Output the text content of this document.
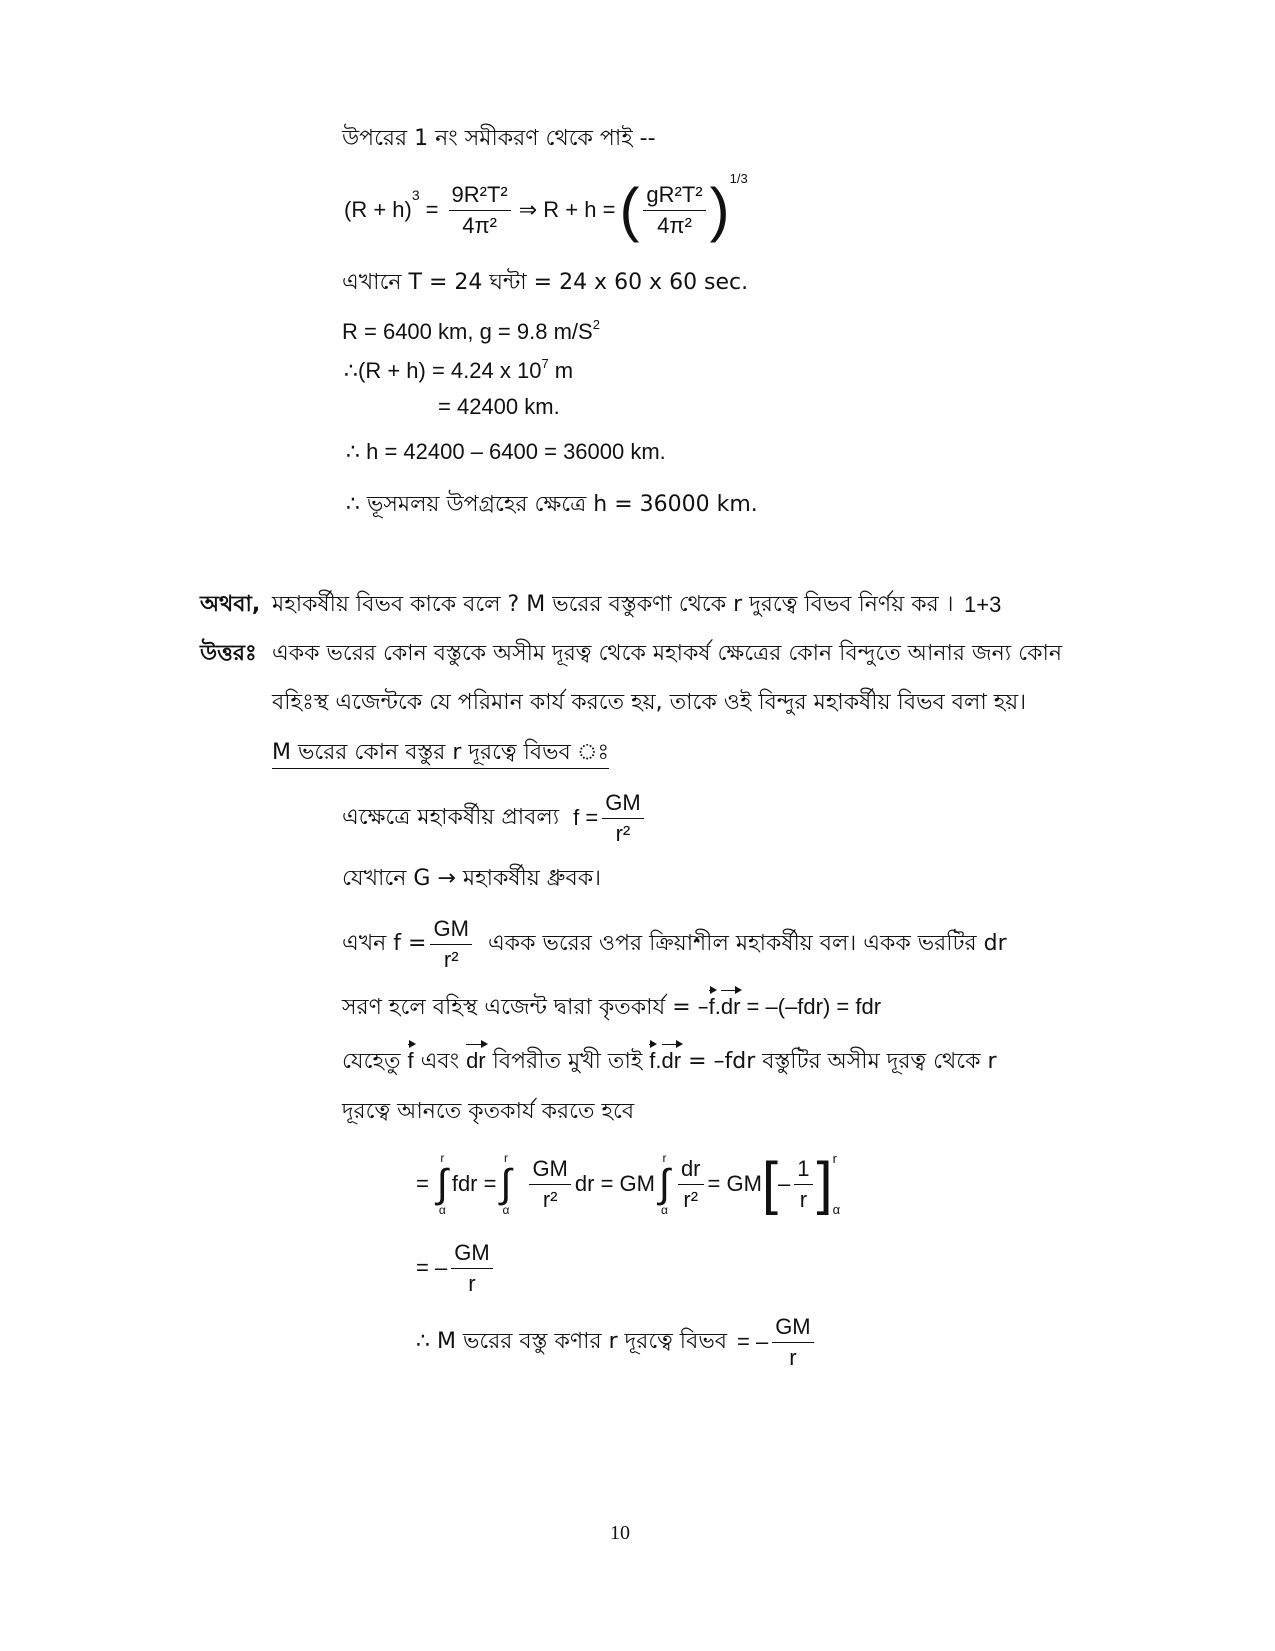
উপরের 1 নং সমীকরণ থেকে পাই --
(R + h)
$^3$
= $\frac{\text{9R²T²}}{\text{4π²}}$ ⇒ R + h = ( $\frac{\text{gR²T²}}{\text{4π²}} )^{1/3}$
এখানে T = 24 ঘন্টা = 24 x 60 x 60 sec.
R = 6400 km, g = 9.8 $m/S^2$
∴(R + h) = 4.24 x $10^7$ m
= 42400 km.
∴ h = 42400 – 6400 = 36000 km.
∴ ভূসমলয় উপগ্রহের ক্ষেত্রে h = 36000 km.
অথবা, মহাকর্ষীয় বিভব কাকে বলে ? M ভরের বস্তুকণা থেকে r দুরত্বে বিভব নির্ণয় কর । 1+3
উত্তরঃ একক ভরের কোন বস্তুকে অসীম দূরত্ব থেকে মহাকর্ষ ক্ষেত্রের কোন বিন্দুতে আনার জন্য কোন
বহিঃস্থ এজেন্টকে যে পরিমান কার্য করতে হয়, তাকে ওই বিন্দুর মহাকর্ষীয় বিভব বলা হয়।
M ভরের কোন বস্তুর r দূরত্বে বিভব ঃ
এক্ষেত্রে মহাকর্ষীয় প্রাবল্য $f = \frac{GM}{\text{r²}}$
যেখানে G → মহাকর্ষীয় ধ্রুবক।
এখন $f = \frac{GM}{\text{r²}}$ একক ভরের ওপর ক্রিয়াশীল মহাকর্ষীয় বল। একক ভরটির dr
সরণ হলে বহিস্থ এজেন্ট দ্বারা কৃতকার্য = –f.dr = –(–fdr) = fdr
যেহেতু f এবং dr বিপরীত মুখী তাই f.dr = –fdr বস্তুটির অসীম দূরত্ব থেকে r
দূরত্বে আনতে কৃতকার্য করতে হবে
=
r
∫
α
fdr =
r
∫
α $\frac{GM}{\text{r²}}$ dr = GM
r
∫
α $\frac{dr}{\text{r²}}$ = GM [ – $\frac{1}{r}$ ] r
α
= – $\frac{GM}{r}$
∴ M ভরের বস্তু কণার r দূরত্বে বিভব = – $\frac{GM}{r}$
10
